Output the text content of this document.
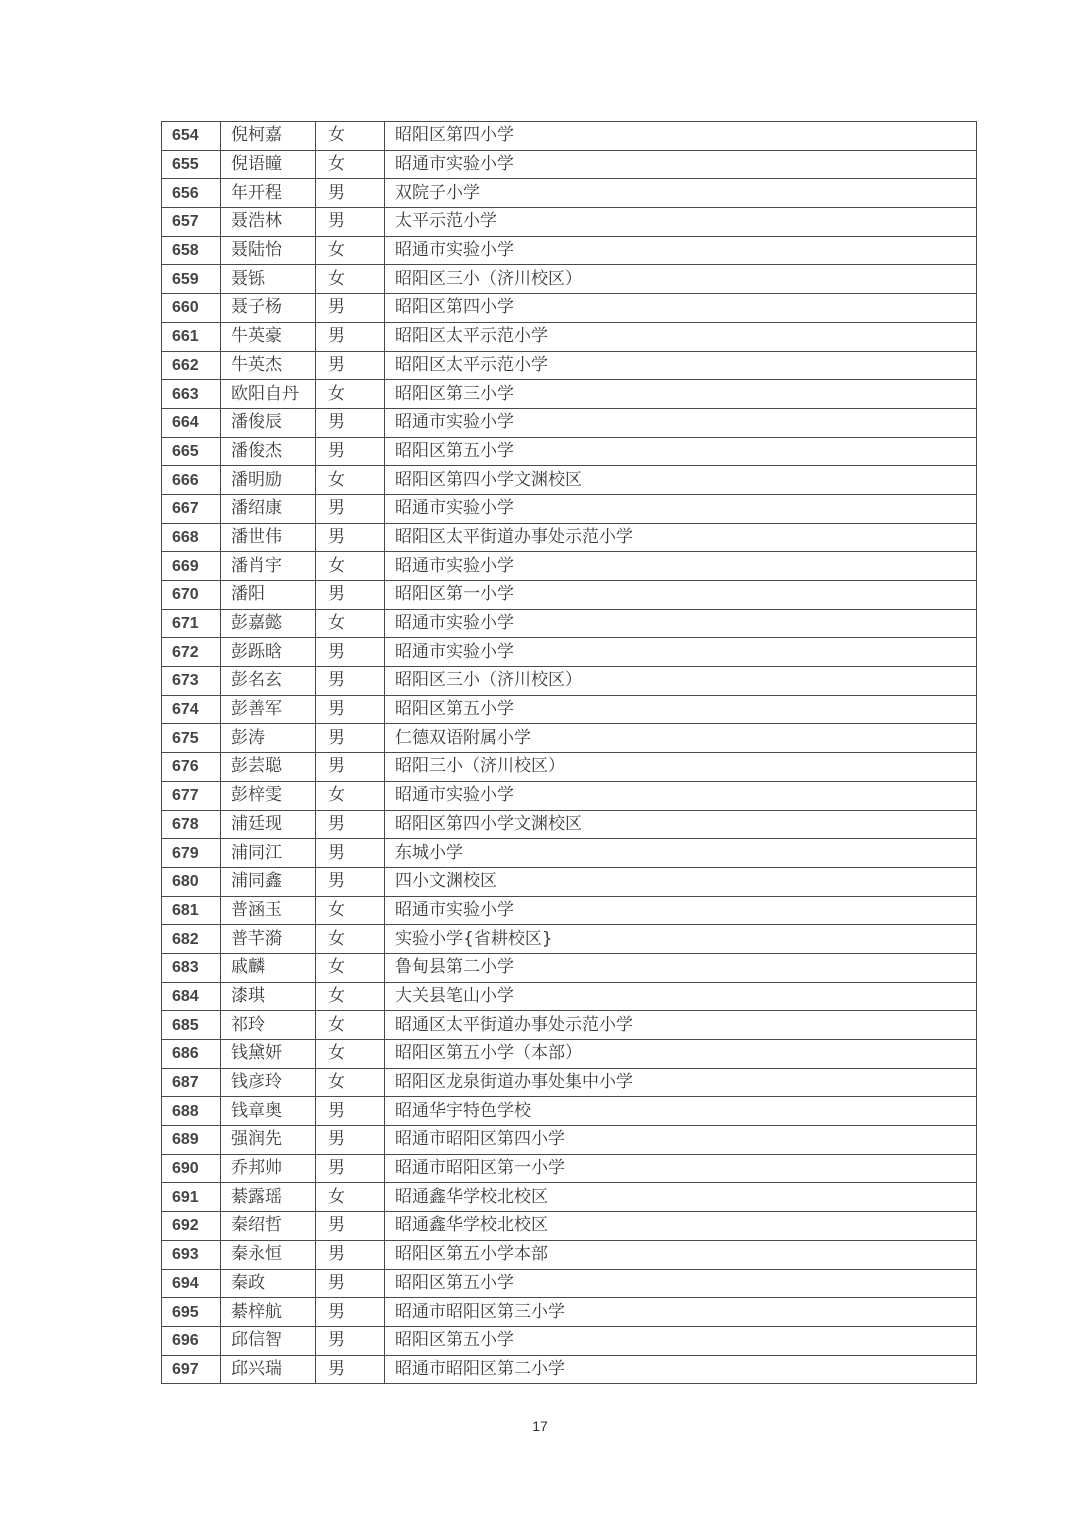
654	倪柯嘉	女	昭阳区第四小学
655	倪语瞳	女	昭通市实验小学
656	年开程	男	双院子小学
657	聂浩林	男	太平示范小学
658	聂陆怡	女	昭通市实验小学
659	聂铄	女	昭阳区三小（济川校区）
660	聂子杨	男	昭阳区第四小学
661	牛英豪	男	昭阳区太平示范小学
662	牛英杰	男	昭阳区太平示范小学
663	欧阳自丹	女	昭阳区第三小学
664	潘俊辰	男	昭通市实验小学
665	潘俊杰	男	昭阳区第五小学
666	潘明励	女	昭阳区第四小学文渊校区
667	潘绍康	男	昭通市实验小学
668	潘世伟	男	昭阳区太平街道办事处示范小学
669	潘肖宇	女	昭通市实验小学
670	潘阳	男	昭阳区第一小学
671	彭嘉懿	女	昭通市实验小学
672	彭跞晗	男	昭通市实验小学
673	彭名玄	男	昭阳区三小（济川校区）
674	彭善军	男	昭阳区第五小学
675	彭涛	男	仁德双语附属小学
676	彭芸聪	男	昭阳三小（济川校区）
677	彭梓雯	女	昭通市实验小学
678	浦廷现	男	昭阳区第四小学文渊校区
679	浦同江	男	东城小学
680	浦同鑫	男	四小文渊校区
681	普涵玉	女	昭通市实验小学
682	普芊漪	女	实验小学{省耕校区}
683	戚麟	女	鲁甸县第二小学
684	漆琪	女	大关县笔山小学
685	祁玲	女	昭通区太平街道办事处示范小学
686	钱黛妍	女	昭阳区第五小学（本部）
687	钱彦玲	女	昭阳区龙泉街道办事处集中小学
688	钱章奥	男	昭通华宇特色学校
689	强润先	男	昭通市昭阳区第四小学
690	乔邦帅	男	昭通市昭阳区第一小学
691	綦露瑶	女	昭通鑫华学校北校区
692	秦绍哲	男	昭通鑫华学校北校区
693	秦永恒	男	昭阳区第五小学本部
694	秦政	男	昭阳区第五小学
695	綦梓航	男	昭通市昭阳区第三小学
696	邱信智	男	昭阳区第五小学
697	邱兴瑞	男	昭通市昭阳区第二小学
17
